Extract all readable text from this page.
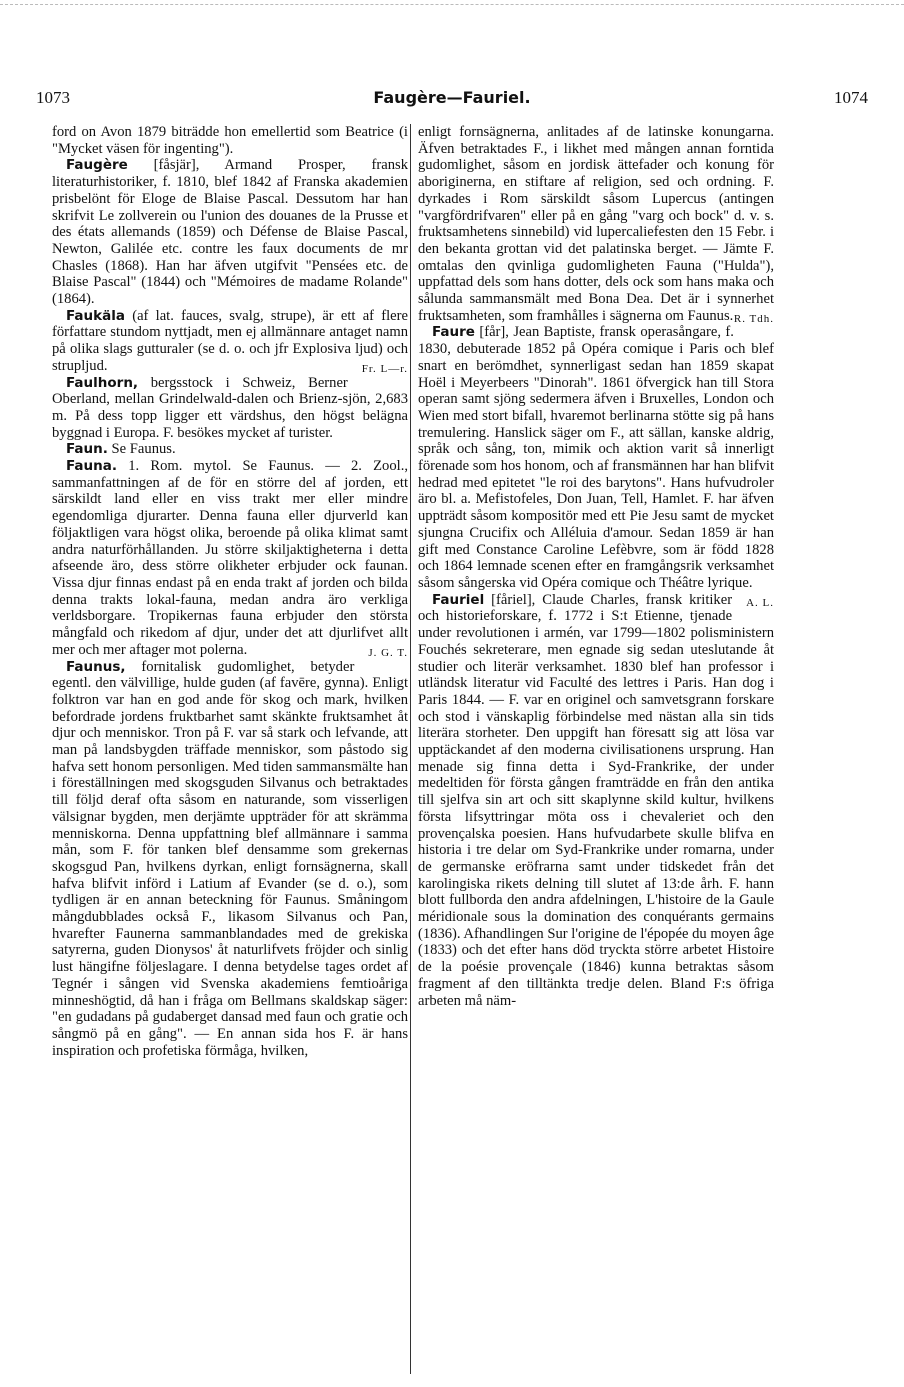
1073	Faugère—Fauriel.	1074

ford on Avon 1879 biträdde hon emellertid som Beatrice (i "Mycket väsen för ingenting").

Faugère [fåsjär], Armand Prosper, fransk literaturhistoriker, f. 1810, blef 1842 af Franska akademien prisbelönt för Eloge de Blaise Pascal. Dessutom har han skrifvit Le zollverein ou l'union des douanes de la Prusse et des états allemands (1859) och Défense de Blaise Pascal, Newton, Galilée etc. contre les faux documents de mr Chasles (1868). Han har äfven utgifvit "Pensées etc. de Blaise Pascal" (1844) och "Mémoires de madame Rolande" (1864).

Faukäla (af lat. fauces, svalg, strupe), är ett af flere författare stundom nyttjadt, men ej allmännare antaget namn på olika slags gutturaler (se d. o. och jfr Explosiva ljud) och strupljud.	Fr. L—r.

Faulhorn, bergsstock i Schweiz, Berner Oberland, mellan Grindelwald-dalen och Brienz-sjön, 2,683 m. På dess topp ligger ett värdshus, den högst belägna byggnad i Europa. F. besökes mycket af turister.

Faun. Se Faunus.

Fauna. 1. Rom. mytol. Se Faunus. — 2. Zool., sammanfattningen af de för en större del af jorden, ett särskildt land eller en viss trakt mer eller mindre egendomliga djurarter. Denna fauna eller djurverld kan följaktligen vara högst olika, beroende på olika klimat samt andra naturförhållanden. Ju större skiljaktigheterna i detta afseende äro, dess större olikheter erbjuder ock faunan. Vissa djur finnas endast på en enda trakt af jorden och bilda denna trakts lokal-fauna, medan andra äro verkliga verldsborgare. Tropikernas fauna erbjuder den största mångfald och rikedom af djur, under det att djurlifvet allt mer och mer aftager mot polerna.	J. G. T.

Faunus, fornitalisk gudomlighet, betyder egentl. den välvillige, hulde guden (af favēre, gynna). Enligt folktron var han en god ande för skog och mark, hvilken befordrade jordens fruktbarhet samt skänkte fruktsamhet åt djur och menniskor. Tron på F. var så stark och lefvande, att man på landsbygden träffade menniskor, som påstodo sig hafva sett honom personligen. Med tiden sammansmälte han i föreställningen med skogsguden Silvanus och betraktades till följd deraf ofta såsom en naturande, som visserligen välsignar bygden, men derjämte uppträder för att skrämma menniskorna. Denna uppfattning blef allmännare i samma mån, som F. för tanken blef densamme som grekernas skogsgud Pan, hvilkens dyrkan, enligt fornsägnerna, skall hafva blifvit införd i Latium af Evander (se d. o.), som tydligen är en annan beteckning för Faunus. Småningom mångdubblades också F., likasom Silvanus och Pan, hvarefter Faunerna sammanblandades med de grekiska satyrerna, guden Dionysos' åt naturlifvets fröjder och sinlig lust hängifne följeslagare. I denna betydelse tages ordet af Tegnér i sången vid Svenska akademiens femtioåriga minneshögtid, då han i fråga om Bellmans skaldskap säger: "en gudadans på gudaberget dansad med faun och gratie och sångmö på en gång". — En annan sida hos F. är hans inspiration och profetiska förmåga, hvilken,

enligt fornsägnerna, anlitades af de latinske konungarna. Äfven betraktades F., i likhet med mången annan forntida gudomlighet, såsom en jordisk ättefader och konung för aboriginerna, en stiftare af religion, sed och ordning. F. dyrkades i Rom särskildt såsom Lupercus (antingen "vargfördrifvaren" eller på en gång "varg och bock" d. v. s. fruktsamhetens sinnebild) vid lupercaliefesten den 15 Febr. i den bekanta grottan vid det palatinska berget. — Jämte F. omtalas den qvinliga gudomligheten Fauna ("Hulda"), uppfattad dels som hans dotter, dels ock som hans maka och sålunda sammansmält med Bona Dea. Det är i synnerhet fruktsamheten, som framhålles i sägnerna om Faunus. R. Tdh.

Faure [får], Jean Baptiste, fransk operasångare, f. 1830, debuterade 1852 på Opéra comique i Paris och blef snart en berömdhet, synnerligast sedan han 1859 skapat Hoël i Meyerbeers "Dinorah". 1861 öfvergick han till Stora operan samt sjöng sedermera äfven i Bruxelles, London och Wien med stort bifall, hvaremot berlinarna stötte sig på hans tremulering. Hanslick säger om F., att sällan, kanske aldrig, språk och sång, ton, mimik och aktion varit så innerligt förenade som hos honom, och af fransmännen har han blifvit hedrad med epitetet "le roi des barytons". Hans hufvudroler äro bl. a. Mefistofeles, Don Juan, Tell, Hamlet. F. har äfven uppträdt såsom kompositör med ett Pie Jesu samt de mycket sjungna Crucifix och Alléluia d'amour. Sedan 1859 är han gift med Constance Caroline Lefèbvre, som är född 1828 och 1864 lemnade scenen efter en framgångsrik verksamhet såsom sångerska vid Opéra comique och Théâtre lyrique.
A. L.

Fauriel [fåriel], Claude Charles, fransk kritiker och historieforskare, f. 1772 i S:t Etienne, tjenade under revolutionen i armén, var 1799—1802 polisministern Fouchés sekreterare, men egnade sig sedan uteslutande åt studier och literär verksamhet. 1830 blef han professor i utländsk literatur vid Faculté des lettres i Paris. Han dog i Paris 1844. — F. var en originel och samvetsgrann forskare och stod i vänskaplig förbindelse med nästan alla sin tids literära storheter. Den uppgift han föresatt sig att lösa var upptäckandet af den moderna civilisationens ursprung. Han menade sig finna detta i Syd-Frankrike, der under medeltiden för första gången framträdde en från den antika till sjelfva sin art och sitt skaplynne skild kultur, hvilkens första lifsyttringar möta oss i chevaleriet och den provençalska poesien. Hans hufvudarbete skulle blifva en historia i tre delar om Syd-Frankrike under romarna, under de germanske eröfrarna samt under tidskedet från det karolingiska rikets delning till slutet af 13:de årh. F. hann blott fullborda den andra afdelningen, L'histoire de la Gaule méridionale sous la domination des conquérants germains (1836). Afhandlingen Sur l'origine de l'épopée du moyen âge (1833) och det efter hans död tryckta större arbetet Histoire de la poésie provençale (1846) kunna betraktas såsom fragment af den tilltänkta tredje delen. Bland F:s öfriga arbeten må näm-
